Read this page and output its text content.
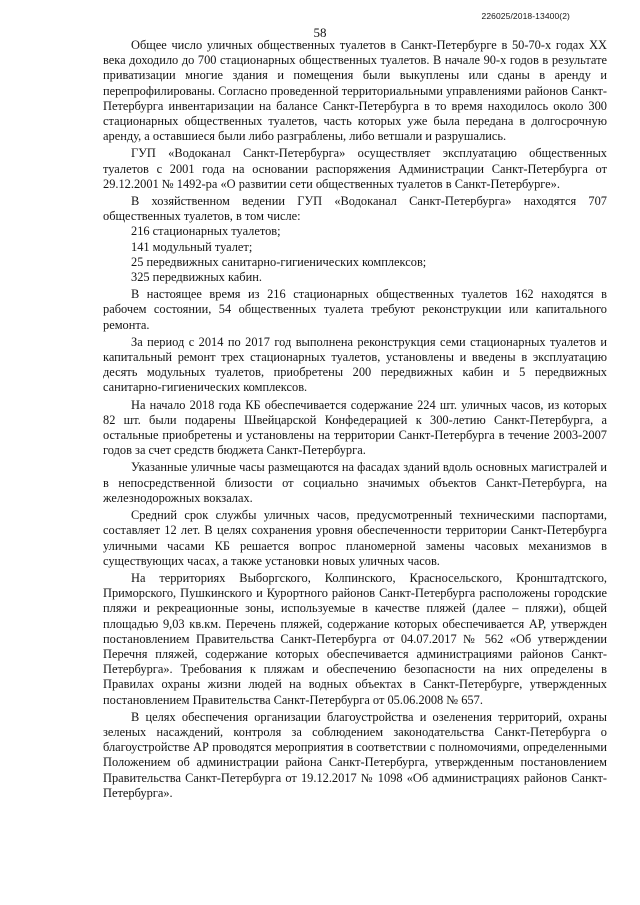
58
226025/2018-13400(2)

Общее число уличных общественных туалетов в Санкт-Петербурге в 50-70-х годах XX века доходило до 700 стационарных общественных туалетов. В начале 90-х годов в результате приватизации многие здания и помещения были выкуплены или сданы в аренду и перепрофилированы. Согласно проведенной территориальными управлениями районов Санкт-Петербурга инвентаризации на балансе Санкт-Петербурга в то время находилось около 300 стационарных общественных туалетов, часть которых уже была передана в долгосрочную аренду, а оставшиеся были либо разграблены, либо ветшали и разрушались.

ГУП «Водоканал Санкт-Петербурга» осуществляет эксплуатацию общественных туалетов с 2001 года на основании распоряжения Администрации Санкт-Петербурга от 29.12.2001 № 1492-ра «О развитии сети общественных туалетов в Санкт-Петербурге».

В хозяйственном ведении ГУП «Водоканал Санкт-Петербурга» находятся 707 общественных туалетов, в том числе:

216 стационарных туалетов;

141 модульный туалет;

25 передвижных санитарно-гигиенических комплексов;

325 передвижных кабин.

В настоящее время из 216 стационарных общественных туалетов 162 находятся в рабочем состоянии, 54 общественных туалета требуют реконструкции или капитального ремонта.

За период с 2014 по 2017 год выполнена реконструкция семи стационарных туалетов и капитальный ремонт трех стационарных туалетов, установлены и введены в эксплуатацию десять модульных туалетов, приобретены 200 передвижных кабин и 5 передвижных санитарно-гигиенических комплексов.

На начало 2018 года КБ обеспечивается содержание 224 шт. уличных часов, из которых 82 шт. были подарены Швейцарской Конфедерацией к 300-летию Санкт-Петербурга, а остальные приобретены и установлены на территории Санкт-Петербурга в течение 2003-2007 годов за счет средств бюджета Санкт-Петербурга.

Указанные уличные часы размещаются на фасадах зданий вдоль основных магистралей и в непосредственной близости от социально значимых объектов Санкт-Петербурга, на железнодорожных вокзалах.

Средний срок службы уличных часов, предусмотренный техническими паспортами, составляет 12 лет. В целях сохранения уровня обеспеченности территории Санкт-Петербурга уличными часами КБ решается вопрос планомерной замены часовых механизмов в существующих часах, а также установки новых уличных часов.

На территориях Выборгского, Колпинского, Красносельского, Кронштадтского, Приморского, Пушкинского и Курортного районов Санкт-Петербурга расположены городские пляжи и рекреационные зоны, используемые в качестве пляжей (далее – пляжи), общей площадью 9,03 кв.км. Перечень пляжей, содержание которых обеспечивается АР, утвержден постановлением Правительства Санкт-Петербурга от 04.07.2017 № 562 «Об утверждении Перечня пляжей, содержание которых обеспечивается администрациями районов Санкт-Петербурга». Требования к пляжам и обеспечению безопасности на них определены в Правилах охраны жизни людей на водных объектах в Санкт-Петербурге, утвержденных постановлением Правительства Санкт-Петербурга от 05.06.2008 № 657.

В целях обеспечения организации благоустройства и озеленения территорий, охраны зеленых насаждений, контроля за соблюдением законодательства Санкт-Петербурга о благоустройстве АР проводятся мероприятия в соответствии с полномочиями, определенными Положением об администрации района Санкт-Петербурга, утвержденным постановлением Правительства Санкт-Петербурга от 19.12.2017 № 1098 «Об администрациях районов Санкт-Петербурга».
